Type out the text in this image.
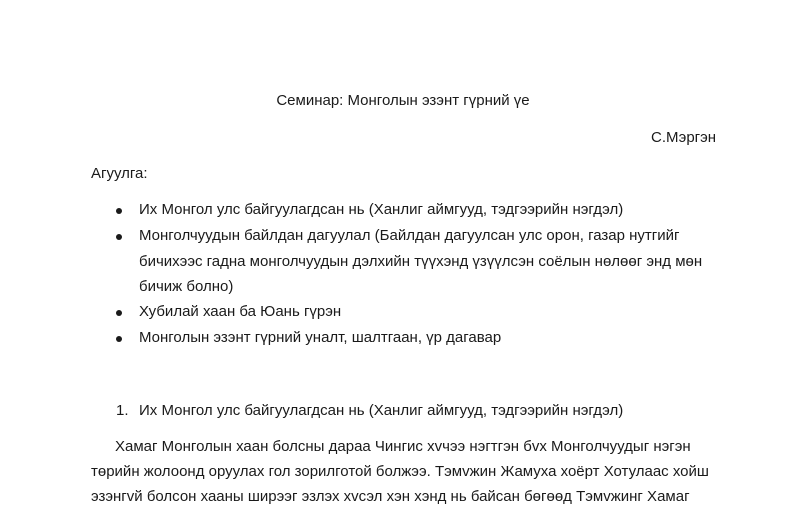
Семинар: Монголын эзэнт гүрний үе
С.Мэргэн
Агуулга:
Их Монгол улс байгуулагдсан нь (Ханлиг аймгууд, тэдгээрийн нэгдэл)
Монголчуудын байлдан дагуулал (Байлдан дагуулсан улс орон, газар нутгийг
бичихээс гадна монголчуудын дэлхийн түүхэнд үзүүлсэн соёлын нөлөөг энд мөн
бичиж болно)
Хубилай хаан ба Юань гүрэн
Монголын эзэнт гүрний уналт, шалтгаан, үр дагавар
1. Их Монгол улс байгуулагдсан нь (Ханлиг аймгууд, тэдгээрийн нэгдэл)
Хамаг Монголын хаан болсны дараа Чингис хvчээ нэгтгэн бvх Монголчуудыг нэгэн
төрийн жолоонд оруулах гол зорилготой болжээ. Тэмvжин Жамуха хоёрт Хотулаас хойш
эзэнгvй болсон хааны ширээг эзлэх хvсэл хэн хэнд нь байсан бөгөөд Тэмvжинг Хамаг
